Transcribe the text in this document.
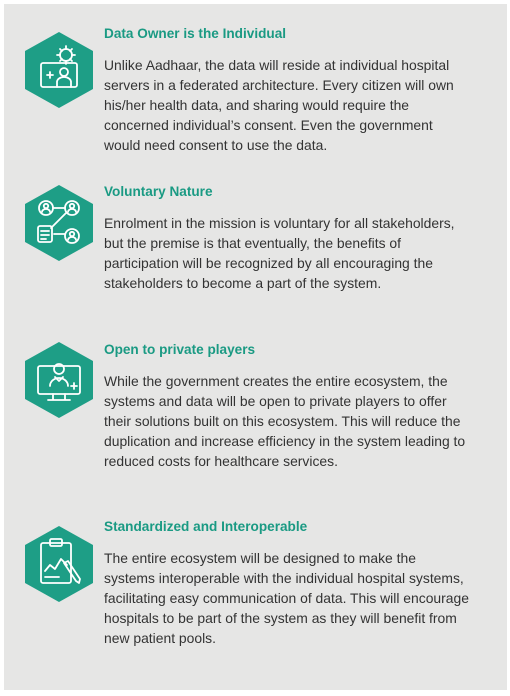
Data Owner is the Individual

Unlike Aadhaar, the data will reside at individual hospital servers in a federated architecture. Every citizen will own his/her health data, and sharing would require the concerned individual’s consent. Even the government would need consent to use the data.

Voluntary Nature

Enrolment in the mission is voluntary for all stakeholders, but the premise is that eventually, the benefits of participation will be recognized by all encouraging the stakeholders to become a part of the system.

Open to private players

While the government creates the entire ecosystem, the systems and data will be open to private players to offer their solutions built on this ecosystem. This will reduce the duplication and increase efficiency in the system leading to reduced costs for healthcare services.

Standardized and Interoperable

The entire ecosystem will be designed to make the systems interoperable with the individual hospital systems, facilitating easy communication of data. This will encourage hospitals to be part of the system as they will benefit from new patient pools.
